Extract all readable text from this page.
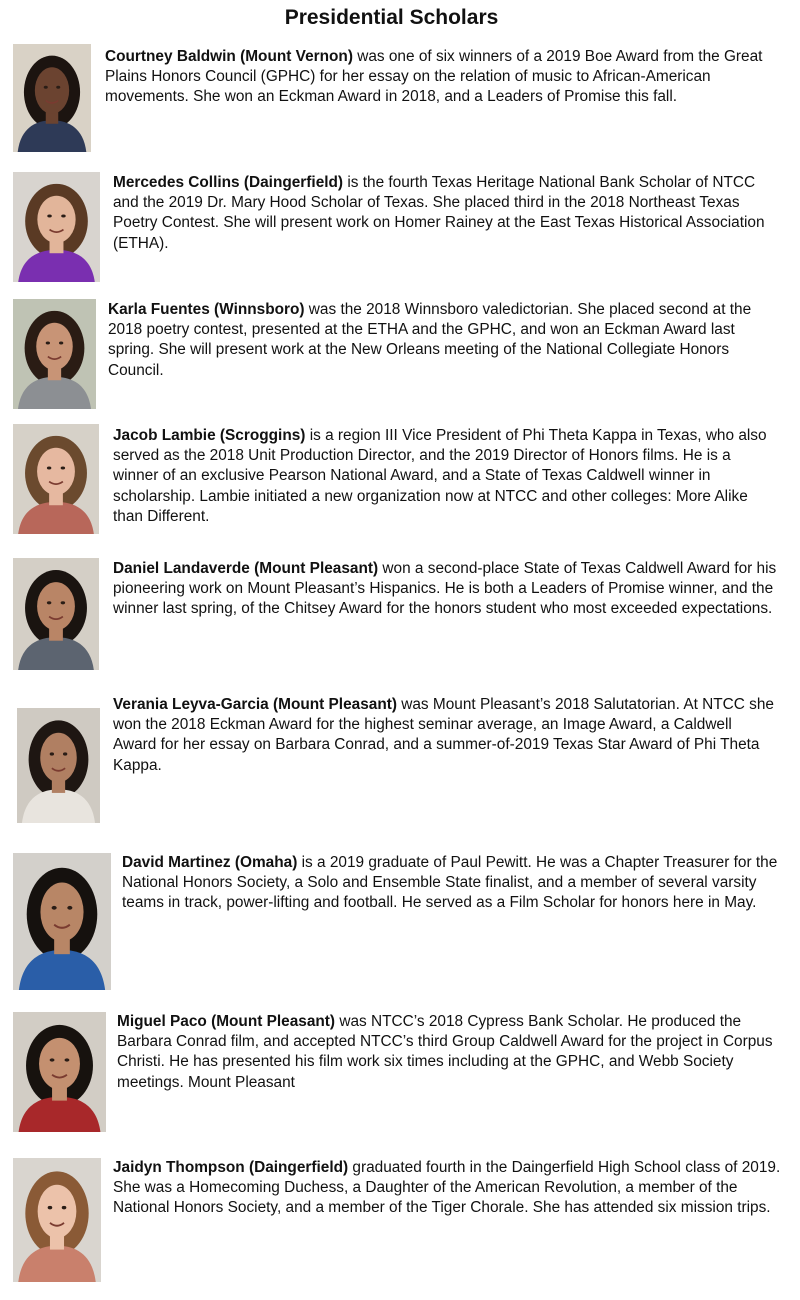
Presidential Scholars
Courtney Baldwin (Mount Vernon) was one of six winners of a 2019 Boe Award from the Great Plains Honors Council (GPHC) for her essay on the relation of music to African-American movements. She won an Eckman Award in 2018, and a Leaders of Promise this fall.
Mercedes Collins (Daingerfield) is the fourth Texas Heritage National Bank Scholar of NTCC and the 2019 Dr. Mary Hood Scholar of Texas. She placed third in the 2018 Northeast Texas Poetry Contest. She will present work on Homer Rainey at the East Texas Historical Association (ETHA).
Karla Fuentes (Winnsboro) was the 2018 Winnsboro valedictorian. She placed second at the 2018 poetry contest, presented at the ETHA and the GPHC, and won an Eckman Award last spring. She will present work at the New Orleans meeting of the National Collegiate Honors Council.
Jacob Lambie (Scroggins) is a region III Vice President of Phi Theta Kappa in Texas, who also served as the 2018 Unit Production Director, and the 2019 Director of Honors films. He is a winner of an exclusive Pearson National Award, and a State of Texas Caldwell winner in scholarship. Lambie initiated a new organization now at NTCC and other colleges: More Alike than Different.
Daniel Landaverde (Mount Pleasant) won a second-place State of Texas Caldwell Award for his pioneering work on Mount Pleasant’s Hispanics. He is both a Leaders of Promise winner, and the winner last spring, of the Chitsey Award for the honors student who most exceeded expectations.
Verania Leyva-Garcia (Mount Pleasant) was Mount Pleasant’s 2018 Salutatorian. At NTCC she won the 2018 Eckman Award for the highest seminar average, an Image Award, a Caldwell Award for her essay on Barbara Conrad, and a summer-of-2019 Texas Star Award of Phi Theta Kappa.
David Martinez (Omaha) is a 2019 graduate of Paul Pewitt. He was a Chapter Treasurer for the National Honors Society, a Solo and Ensemble State finalist, and a member of several varsity teams in track, power-lifting and football. He served as a Film Scholar for honors here in May.
Miguel Paco (Mount Pleasant) was NTCC’s 2018 Cypress Bank Scholar. He produced the Barbara Conrad film, and accepted NTCC’s third Group Caldwell Award for the project in Corpus Christi. He has presented his film work six times including at the GPHC, and Webb Society meetings. Mount Pleasant
Jaidyn Thompson (Daingerfield) graduated fourth in the Daingerfield High School class of 2019. She was a Homecoming Duchess, a Daughter of the American Revolution, a member of the National Honors Society, and a member of the Tiger Chorale. She has attended six mission trips.
